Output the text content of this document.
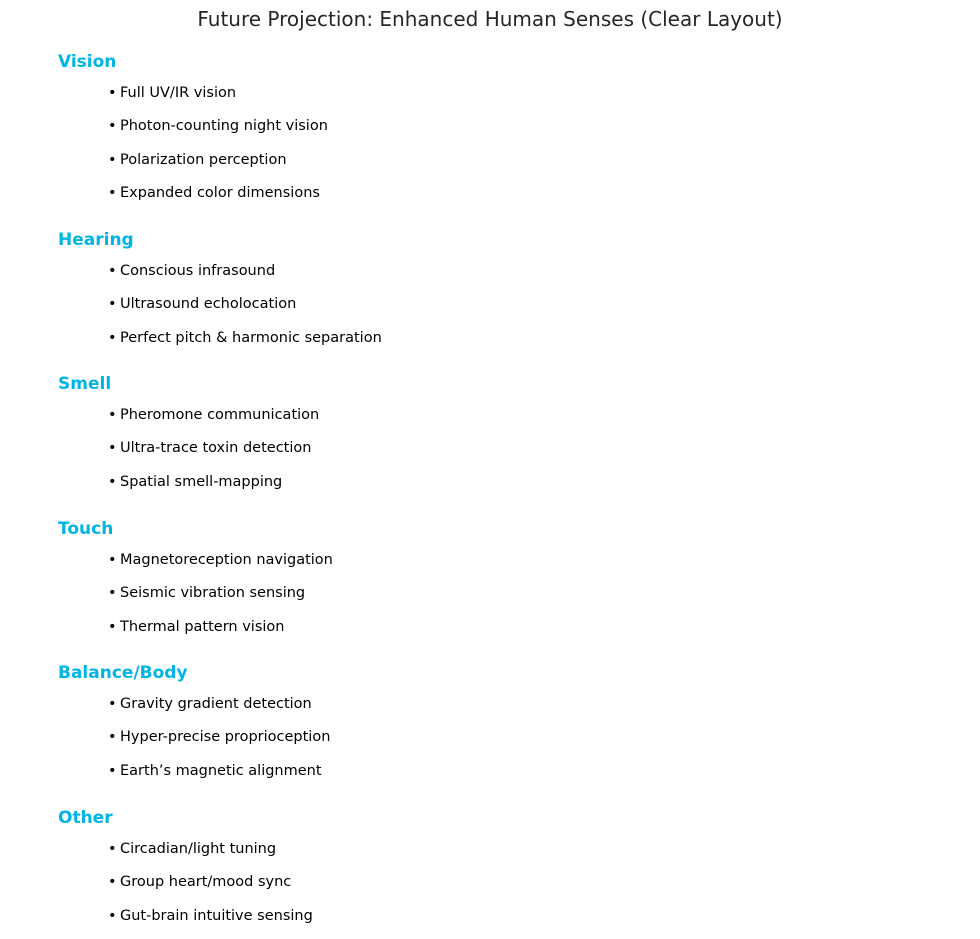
Future Projection: Enhanced Human Senses (Clear Layout)
Vision
• Full UV/IR vision
• Photon-counting night vision
• Polarization perception
• Expanded color dimensions
Hearing
• Conscious infrasound
• Ultrasound echolocation
• Perfect pitch & harmonic separation
Smell
• Pheromone communication
• Ultra-trace toxin detection
• Spatial smell-mapping
Touch
• Magnetoreception navigation
• Seismic vibration sensing
• Thermal pattern vision
Balance/Body
• Gravity gradient detection
• Hyper-precise proprioception
• Earth’s magnetic alignment
Other
• Circadian/light tuning
• Group heart/mood sync
• Gut-brain intuitive sensing
